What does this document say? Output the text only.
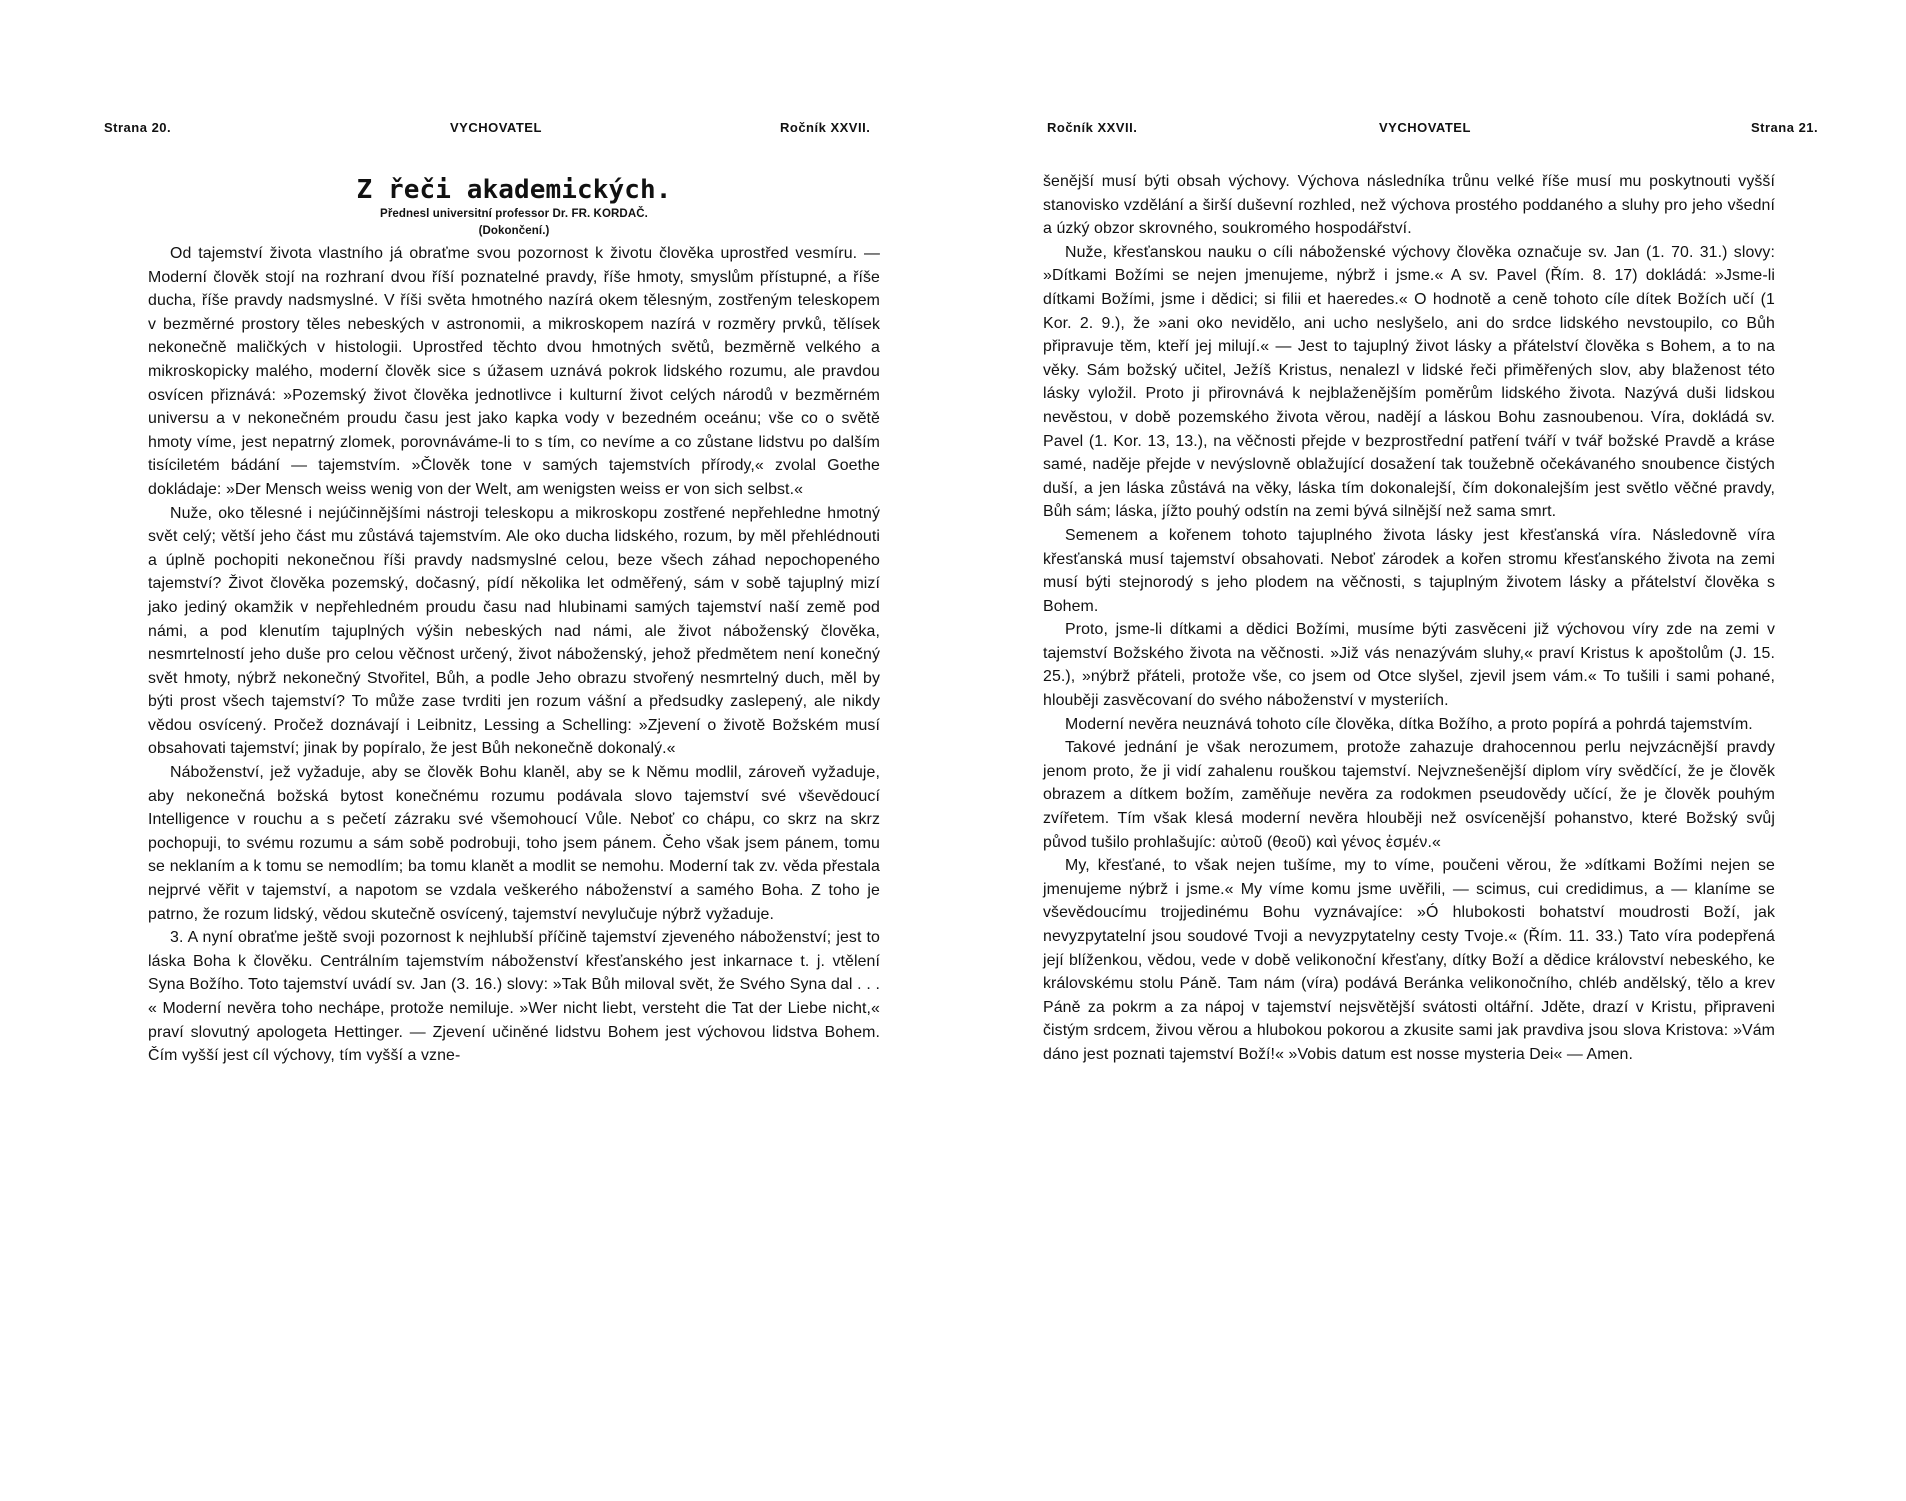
Strana 20.	VYCHOVATEL	Ročník XXVII.
Z řeči akademických.
Přednesl universitní professor Dr. FR. KORDAČ.
(Dokončení.)

Od tajemství života vlastního já obraťme svou pozornost k životu člověka uprostřed vesmíru. — Moderní člověk stojí na rozhraní dvou říší poznatelné pravdy, říše hmoty, smyslům přístupné, a říše ducha, říše pravdy nadsmyslné. V říši světa hmotného nazírá okem tělesným, zostřeným teleskopem v bezměrné prostory těles nebeských v astronomii, a mikroskopem nazírá v rozměry prvků, tělísek nekonečně maličkých v histologii. Uprostřed těchto dvou hmotných světů, bezměrně velkého a mikroskopicky malého, moderní člověk sice s úžasem uznává pokrok lidského rozumu, ale pravdou osvícen přiznává: »Pozemský život člověka jednotlivce i kulturní život celých národů v bezměrném universu a v nekonečném proudu času jest jako kapka vody v bezedném oceánu; vše co o světě hmoty víme, jest nepatrný zlomek, porovnáváme-li to s tím, co nevíme a co zůstane lidstvu po dalším tisíciletém bádání — tajemstvím. »Člověk tone v samých tajemstvích přírody,« zvolal Goethe dokládaje: »Der Mensch weiss wenig von der Welt, am wenigsten weiss er von sich selbst.«

Nuže, oko tělesné i nejúčinnějšími nástroji teleskopu a mikroskopu zostřené nepřehledne hmotný svět celý; větší jeho část mu zůstává tajemstvím. Ale oko ducha lidského, rozum, by měl přehlédnouti a úplně pochopiti nekonečnou říši pravdy nadsmyslné celou, beze všech záhad nepochopeného tajemství? Život člověka pozemský, dočasný, pídí několika let odměřený, sám v sobě tajuplný mizí jako jediný okamžik v nepřehledném proudu času nad hlubinami samých tajemství naší země pod námi, a pod klenutím tajuplných výšin nebeských nad námi, ale život náboženský člověka, nesmrtelností jeho duše pro celou věčnost určený, život náboženský, jehož předmětem není konečný svět hmoty, nýbrž nekonečný Stvořitel, Bůh, a podle Jeho obrazu stvořený nesmrtelný duch, měl by býti prost všech tajemství? To může zase tvrditi jen rozum vášní a předsudky zaslepený, ale nikdy vědou osvícený. Pročež doznávají i Leibnitz, Lessing a Schelling: »Zjevení o životě Božském musí obsahovati tajemství; jinak by popíralo, že jest Bůh nekonečně dokonalý.«

Náboženství, jež vyžaduje, aby se člověk Bohu klaněl, aby se k Němu modlil, zároveň vyžaduje, aby nekonečná božská bytost konečnému rozumu podávala slovo tajemství své vševědoucí Intelligence v rouchu a s pečetí zázraku své všemohoucí Vůle. Neboť co chápu, co skrz na skrz pochopuji, to svému rozumu a sám sobě podrobuji, toho jsem pánem. Čeho však jsem pánem, tomu se neklaním a k tomu se nemodlím; ba tomu klanět a modlit se nemohu. Moderní tak zv. věda přestala nejprvé věřit v tajemství, a napotom se vzdala veškerého náboženství a samého Boha. Z toho je patrno, že rozum lidský, vědou skutečně osvícený, tajemství nevylučuje nýbrž vyžaduje.

3. A nyní obraťme ještě svoji pozornost k nejhlubší příčině tajemství zjeveného náboženství; jest to láska Boha k člověku. Centrálním tajemstvím náboženství křesťanského jest inkarnace t. j. vtělení Syna Božího. Toto tajemství uvádí sv. Jan (3. 16.) slovy: »Tak Bůh miloval svět, že Svého Syna dal . . . « Moderní nevěra toho nechápe, protože nemiluje. »Wer nicht liebt, versteht die Tat der Liebe nicht,« praví slovutný apologeta Hettinger. — Zjevení učiněné lidstvu Bohem jest výchovou lidstva Bohem. Čím vyšší jest cíl výchovy, tím vyšší a vzne-

Ročník XXVII.	VYCHOVATEL	Strana 21.

šenější musí býti obsah výchovy. Výchova následníka trůnu velké říše musí mu poskytnouti vyšší stanovisko vzdělání a širší duševní rozhled, než výchova prostého poddaného a sluhy pro jeho všední a úzký obzor skrovného, soukromého hospodářství.

Nuže, křesťanskou nauku o cíli náboženské výchovy člověka označuje sv. Jan (1. 70. 31.) slovy: »Dítkami Božími se nejen jmenujeme, nýbrž i jsme.« A sv. Pavel (Řím. 8. 17) dokládá: »Jsme-li dítkami Božími, jsme i dědici; si filii et haeredes.« O hodnotě a ceně tohoto cíle dítek Božích učí (1 Kor. 2. 9.), že »ani oko nevidělo, ani ucho neslyšelo, ani do srdce lidského nevstoupilo, co Bůh připravuje těm, kteří jej milují.« — Jest to tajuplný život lásky a přátelství člověka s Bohem, a to na věky. Sám božský učitel, Ježíš Kristus, nenalezl v lidské řeči přiměřených slov, aby blaženost této lásky vyložil. Proto ji přirovnává k nejblaženějším poměrům lidského života. Nazývá duši lidskou nevěstou, v době pozemského života věrou, nadějí a láskou Bohu zasnoubenou. Víra, dokládá sv. Pavel (1. Kor. 13, 13.), na věčnosti přejde v bezprostřední patření tváří v tvář božské Pravdě a kráse samé, naděje přejde v nevýslovně oblažující dosažení tak toužebně očekávaného snoubence čistých duší, a jen láska zůstává na věky, láska tím dokonalejší, čím dokonalejším jest světlo věčné pravdy, Bůh sám; láska, jížto pouhý odstín na zemi bývá silnější než sama smrt.

Semenem a kořenem tohoto tajuplného života lásky jest křesťanská víra. Následovně víra křesťanská musí tajemství obsahovati. Neboť zárodek a kořen stromu křesťanského života na zemi musí býti stejnorodý s jeho plodem na věčnosti, s tajuplným životem lásky a přátelství člověka s Bohem.

Proto, jsme-li dítkami a dědici Božími, musíme býti zasvěceni již výchovou víry zde na zemi v tajemství Božského života na věčnosti. »Již vás nenazývám sluhy,« praví Kristus k apoštolům (J. 15. 25.), »nýbrž přáteli, protože vše, co jsem od Otce slyšel, zjevil jsem vám.« To tušili i sami pohané, hlouběji zasvěcovaní do svého náboženství v mysteriích.

Moderní nevěra neuznává tohoto cíle člověka, dítka Božího, a proto popírá a pohrdá tajemstvím.

Takové jednání je však nerozumem, protože zahazuje drahocennou perlu nejvzácnější pravdy jenom proto, že ji vidí zahalenu rouškou tajemství. Nejvznešenější diplom víry svědčící, že je člověk obrazem a dítkem božím, zaměňuje nevěra za rodokmen pseudovědy učící, že je člověk pouhým zvířetem. Tím však klesá moderní nevěra hlouběji než osvícenější pohanstvo, které Božský svůj původ tušilo prohlašujíc: αὐτοῦ (θεοῦ) καὶ γένος ἐσμέν.«

My, křesťané, to však nejen tušíme, my to víme, poučeni věrou, že »dítkami Božími nejen se jmenujeme nýbrž i jsme.« My víme komu jsme uvěřili, — scimus, cui credidimus, a — klaníme se vševědoucímu trojjedinému Bohu vyznávajíce: »Ó hlubokosti bohatství moudrosti Boží, jak nevyzpytatelní jsou soudové Tvoji a nevyzpytatelny cesty Tvoje.« (Řím. 11. 33.) Tato víra podepřená její blíženkou, vědou, vede v době velikonoční křesťany, dítky Boží a dědice království nebeského, ke královskému stolu Páně. Tam nám (víra) podává Beránka velikonočního, chléb andělský, tělo a krev Páně za pokrm a za nápoj v tajemství nejsvětější svátosti oltářní. Jděte, drazí v Kristu, připraveni čistým srdcem, živou věrou a hlubokou pokorou a zkusite sami jak pravdiva jsou slova Kristova: »Vám dáno jest poznati tajemství Boží!« »Vobis datum est nosse mysteria Dei« — Amen.
